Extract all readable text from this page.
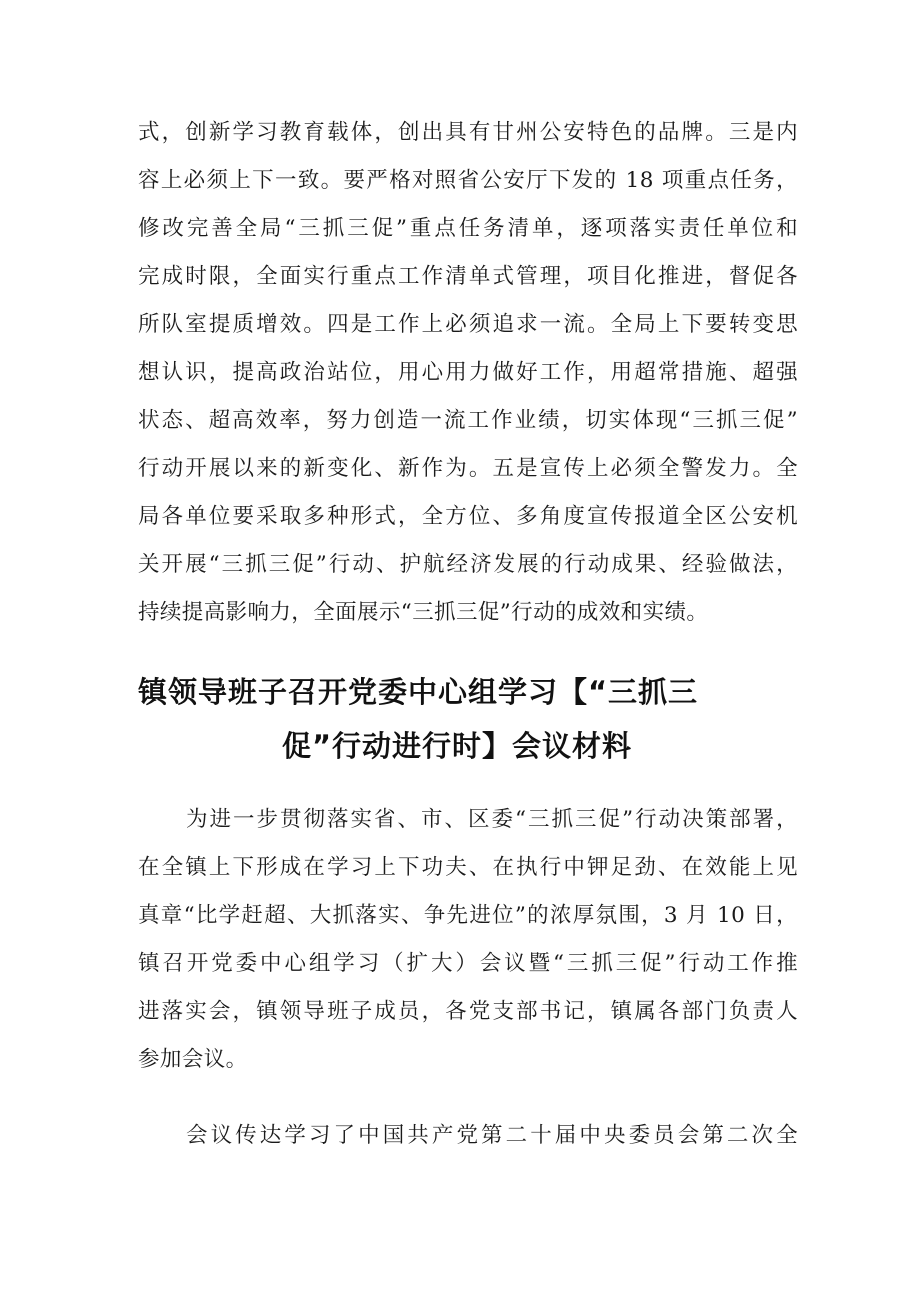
式，创新学习教育载体，创出具有甘州公安特色的品牌。三是内
容上必须上下一致。要严格对照省公安厅下发的 18 项重点任务，
修改完善全局“三抓三促”重点任务清单，逐项落实责任单位和
完成时限，全面实行重点工作清单式管理，项目化推进，督促各
所队室提质增效。四是工作上必须追求一流。全局上下要转变思
想认识，提高政治站位，用心用力做好工作，用超常措施、超强
状态、超高效率，努力创造一流工作业绩，切实体现“三抓三促”
行动开展以来的新变化、新作为。五是宣传上必须全警发力。全
局各单位要采取多种形式，全方位、多角度宣传报道全区公安机
关开展“三抓三促”行动、护航经济发展的行动成果、经验做法，
持续提高影响力，全面展示“三抓三促”行动的成效和实绩。
镇领导班子召开党委中心组学习【“三抓三
促”行动进行时】会议材料
为进一步贯彻落实省、市、区委“三抓三促”行动决策部署，
在全镇上下形成在学习上下功夫、在执行中钾足劲、在效能上见
真章“比学赶超、大抓落实、争先进位”的浓厚氛围，3 月 10 日，
镇召开党委中心组学习（扩大）会议暨“三抓三促”行动工作推
进落实会，镇领导班子成员，各党支部书记，镇属各部门负责人
参加会议。
会议传达学习了中国共产党第二十届中央委员会第二次全
